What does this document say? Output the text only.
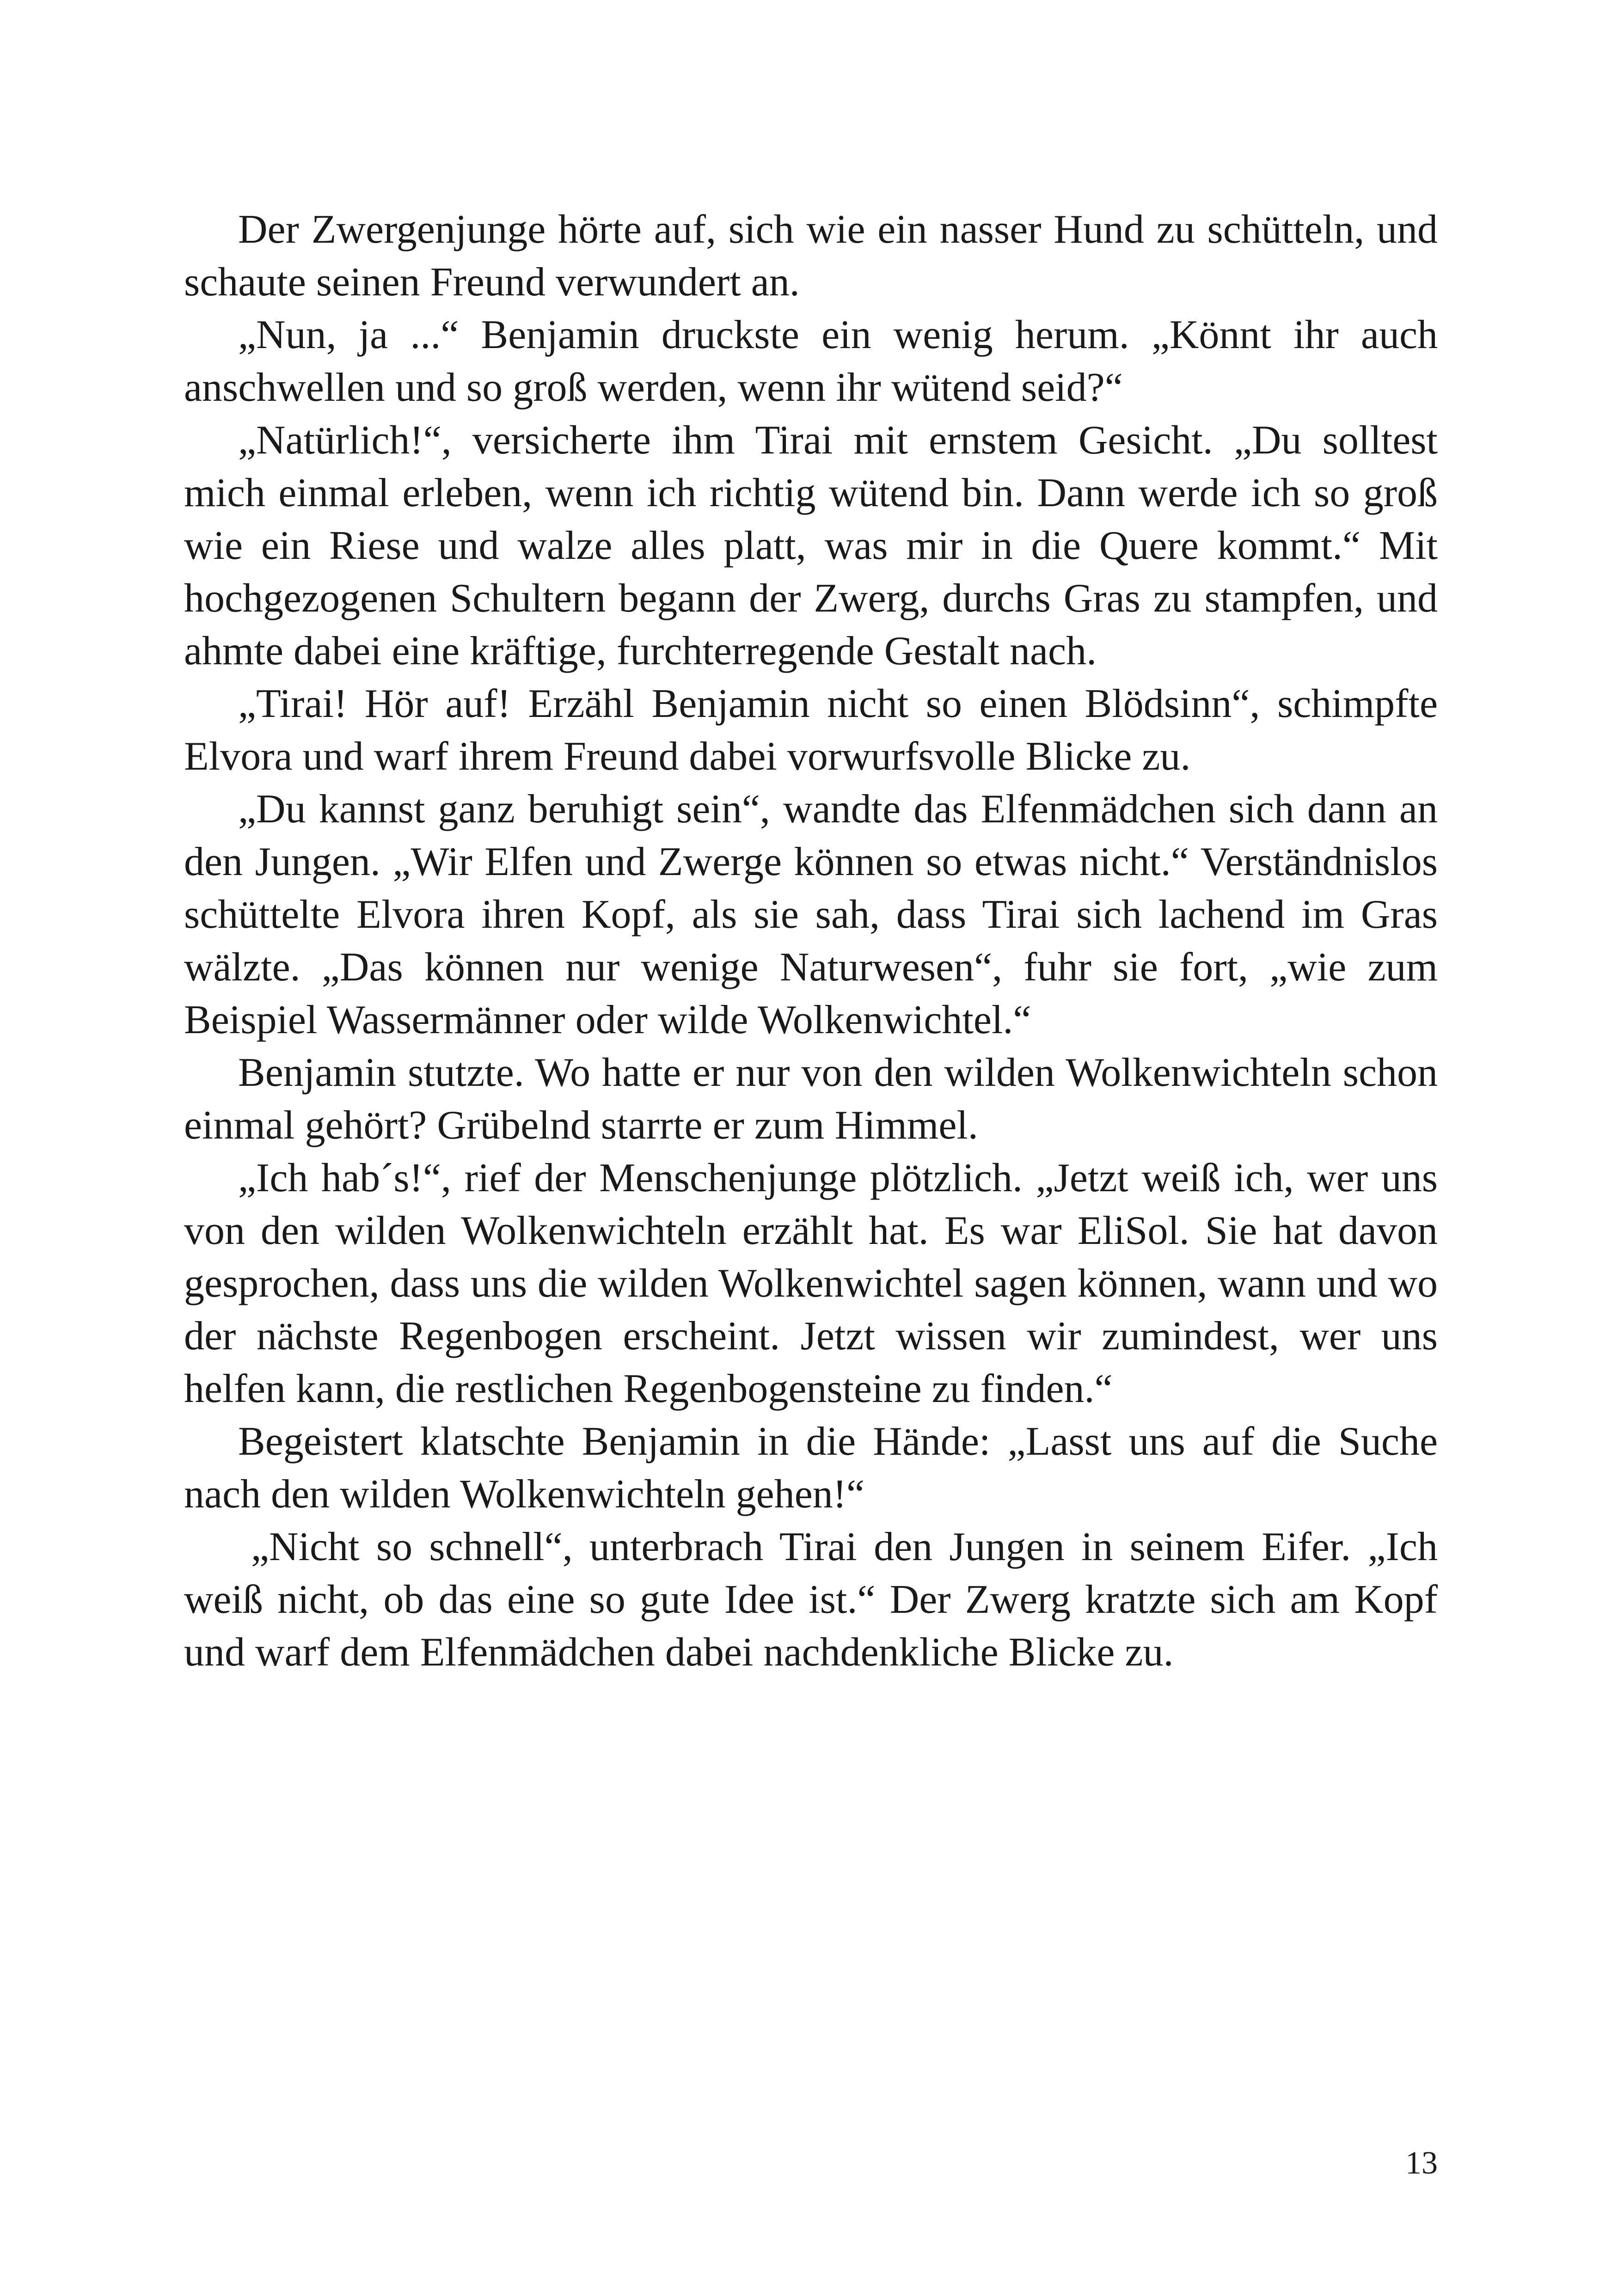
Der Zwergenjunge hörte auf, sich wie ein nasser Hund zu schütteln, und schaute seinen Freund verwundert an.

„Nun, ja ...“ Benjamin druckste ein wenig herum. „Könnt ihr auch anschwellen und so groß werden, wenn ihr wütend seid?“

„Natürlich!“, versicherte ihm Tirai mit ernstem Gesicht. „Du solltest mich einmal erleben, wenn ich richtig wütend bin. Dann werde ich so groß wie ein Riese und walze alles platt, was mir in die Quere kommt.“ Mit hochgezogenen Schultern begann der Zwerg, durchs Gras zu stampfen, und ahmte dabei eine kräftige, furchterregende Gestalt nach.

„Tirai! Hör auf! Erzähl Benjamin nicht so einen Blödsinn“, schimpfte Elvora und warf ihrem Freund dabei vorwurfsvolle Blicke zu.

„Du kannst ganz beruhigt sein“, wandte das Elfenmädchen sich dann an den Jungen. „Wir Elfen und Zwerge können so etwas nicht.“ Verständnislos schüttelte Elvora ihren Kopf, als sie sah, dass Tirai sich lachend im Gras wälzte. „Das können nur wenige Naturwesen“, fuhr sie fort, „wie zum Beispiel Wassermänner oder wilde Wolkenwichtel.“

Benjamin stutzte. Wo hatte er nur von den wilden Wolkenwichteln schon einmal gehört? Grübelnd starrte er zum Himmel.

„Ich hab´s!“, rief der Menschenjunge plötzlich. „Jetzt weiß ich, wer uns von den wilden Wolkenwichteln erzählt hat. Es war EliSol. Sie hat davon gesprochen, dass uns die wilden Wolkenwichtel sagen können, wann und wo der nächste Regenbogen erscheint. Jetzt wissen wir zumindest, wer uns helfen kann, die restlichen Regenbogensteine zu finden.“

Begeistert klatschte Benjamin in die Hände: „Lasst uns auf die Suche nach den wilden Wolkenwichteln gehen!“

„Nicht so schnell“, unterbrach Tirai den Jungen in seinem Eifer. „Ich weiß nicht, ob das eine so gute Idee ist.“ Der Zwerg kratzte sich am Kopf und warf dem Elfenmädchen dabei nachdenkliche Blicke zu.

13
